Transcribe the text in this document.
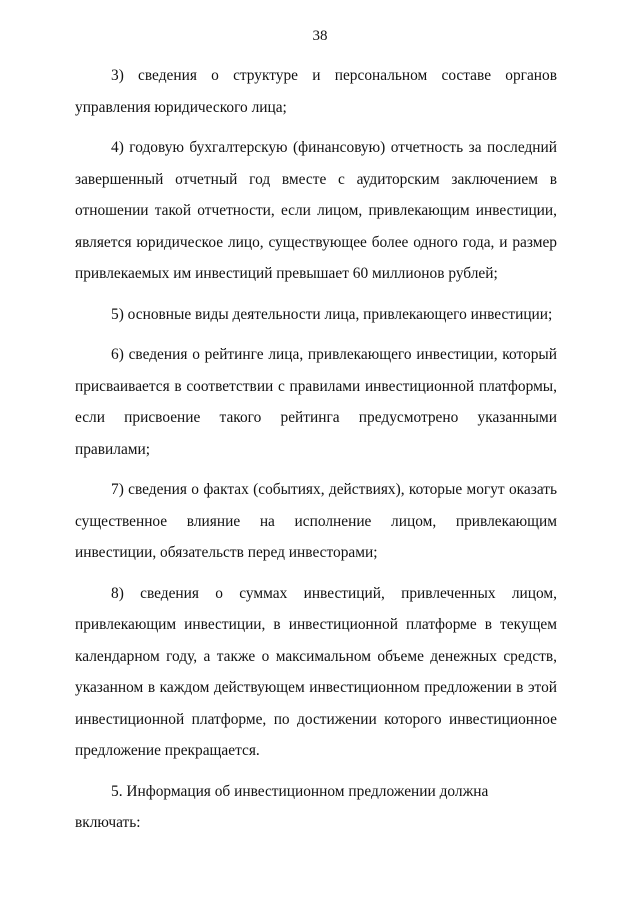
38

3) сведения о структуре и персональном составе органов управления юридического лица;

4) годовую бухгалтерскую (финансовую) отчетность за последний завершенный отчетный год вместе с аудиторским заключением в отношении такой отчетности, если лицом, привлекающим инвестиции, является юридическое лицо, существующее более одного года, и размер привлекаемых им инвестиций превышает 60 миллионов рублей;

5) основные виды деятельности лица, привлекающего инвестиции;

6) сведения о рейтинге лица, привлекающего инвестиции, который присваивается в соответствии с правилами инвестиционной платформы, если присвоение такого рейтинга предусмотрено указанными правилами;

7) сведения о фактах (событиях, действиях), которые могут оказать существенное влияние на исполнение лицом, привлекающим инвестиции, обязательств перед инвесторами;

8) сведения о суммах инвестиций, привлеченных лицом, привлекающим инвестиции, в инвестиционной платформе в текущем календарном году, а также о максимальном объеме денежных средств, указанном в каждом действующем инвестиционном предложении в этой инвестиционной платформе, по достижении которого инвестиционное предложение прекращается.

5. Информация об инвестиционном предложении должна включать:
